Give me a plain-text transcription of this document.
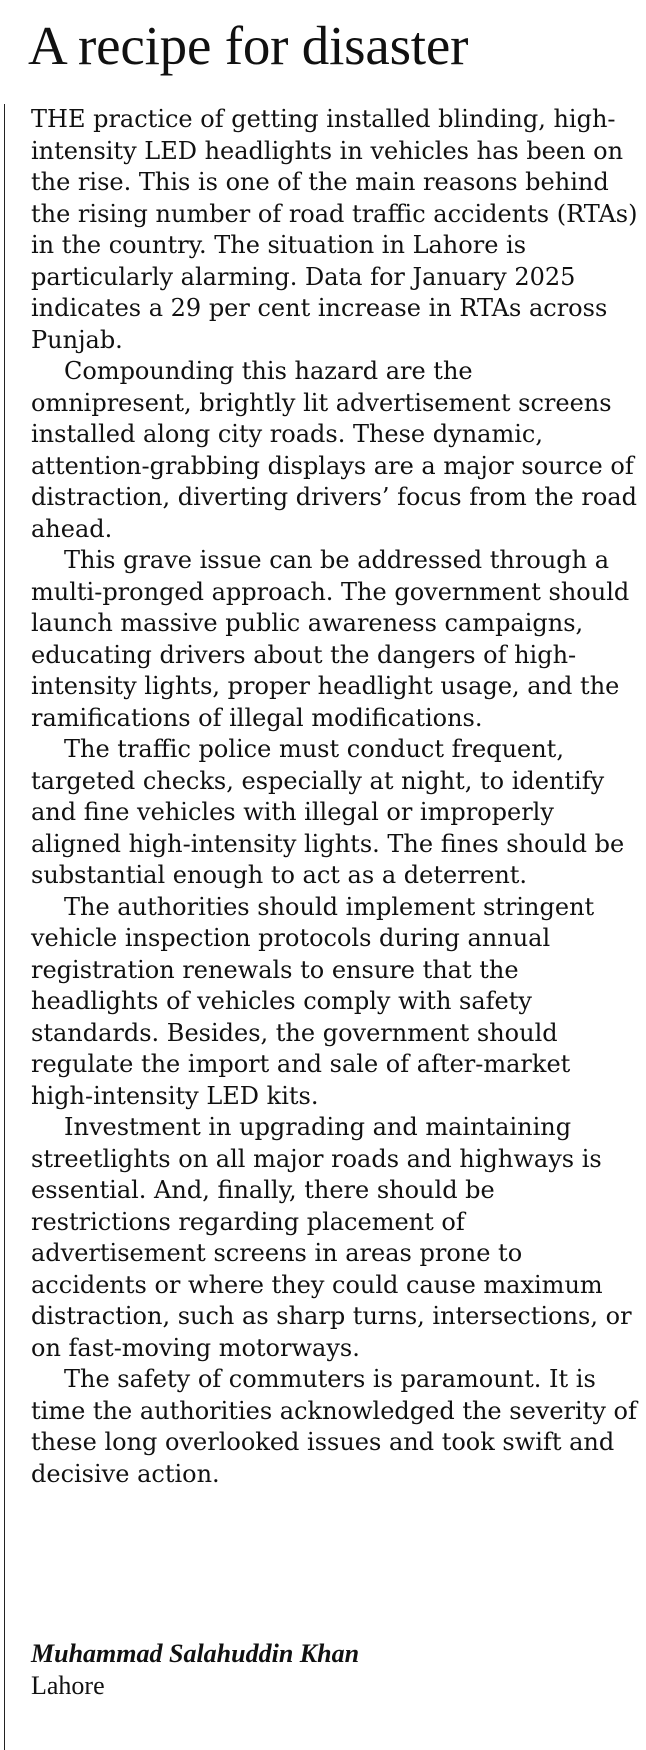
A recipe for disaster

THE practice of getting installed blinding, high-intensity LED headlights in vehicles has been on the rise. This is one of the main reasons behind the rising number of road traffic accidents (RTAs) in the country. The situation in Lahore is particularly alarming. Data for January 2025 indicates a 29 per cent increase in RTAs across Punjab.

Compounding this hazard are the omnipresent, brightly lit advertisement screens installed along city roads. These dynamic, attention-grabbing displays are a major source of distraction, diverting drivers’ focus from the road ahead.

This grave issue can be addressed through a multi-pronged approach. The government should launch massive public awareness campaigns, educating drivers about the dangers of high-intensity lights, proper headlight usage, and the ramifications of illegal modifications.

The traffic police must conduct frequent, targeted checks, especially at night, to identify and fine vehicles with illegal or improperly aligned high-intensity lights. The fines should be substantial enough to act as a deterrent.

The authorities should implement stringent vehicle inspection protocols during annual registration renewals to ensure that the headlights of vehicles comply with safety standards. Besides, the government should regulate the import and sale of after-market high-intensity LED kits.

Investment in upgrading and maintaining streetlights on all major roads and highways is essential. And, finally, there should be restrictions regarding placement of advertisement screens in areas prone to accidents or where they could cause maximum distraction, such as sharp turns, intersections, or on fast-moving motorways.

The safety of commuters is paramount. It is time the authorities acknowledged the severity of these long overlooked issues and took swift and decisive action.

Muhammad Salahuddin Khan
Lahore
